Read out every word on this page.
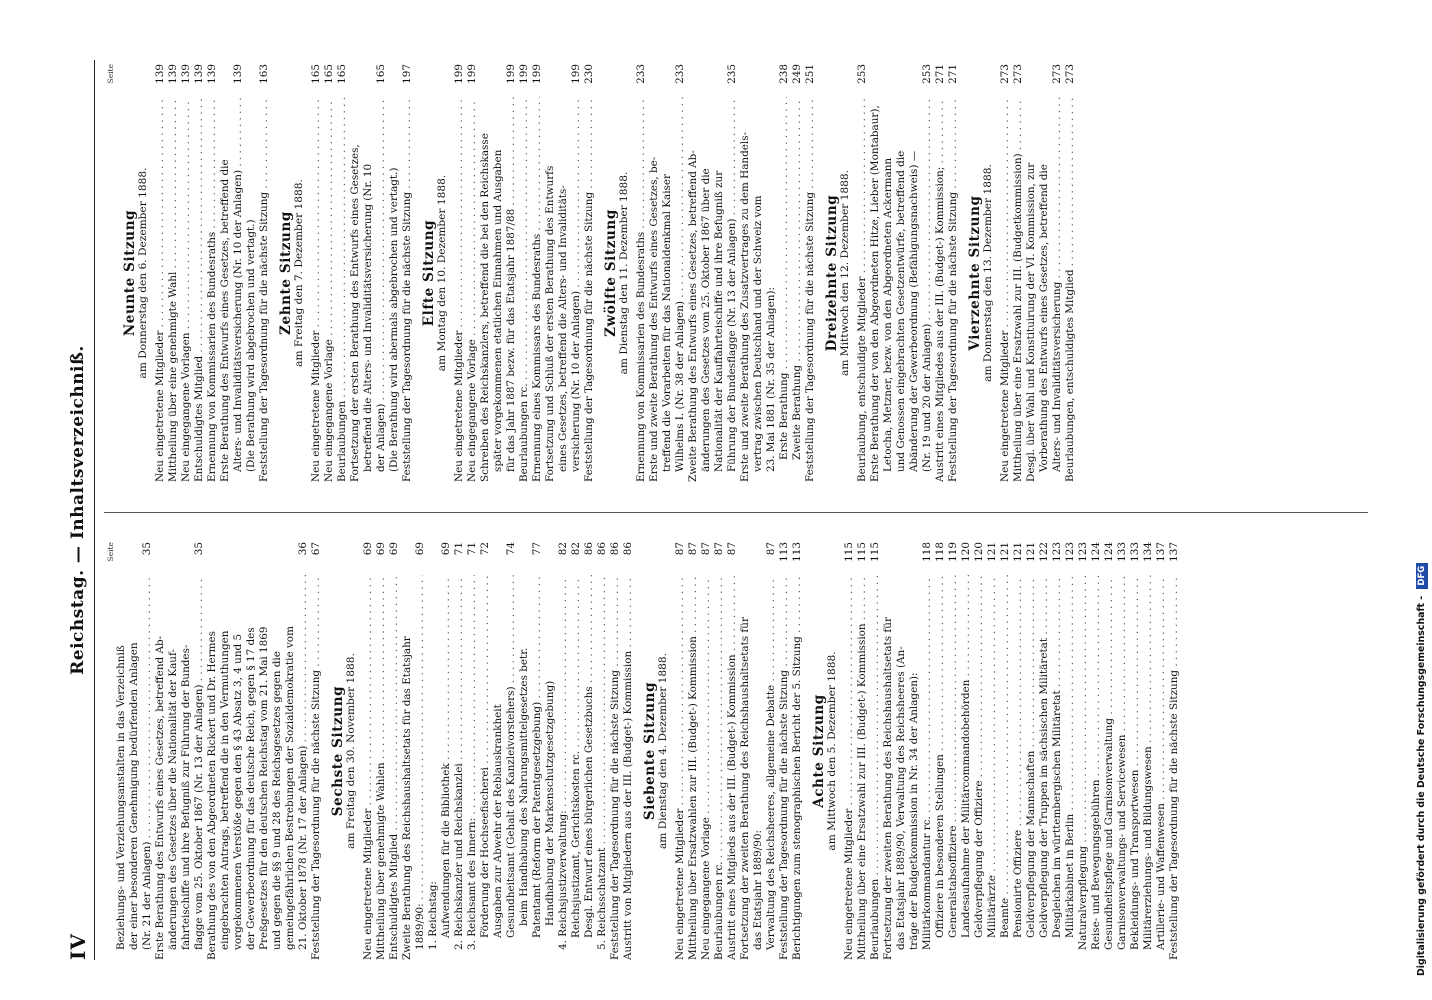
IV
Reichstag. — Inhaltsverzeichniß. Seite
Beziehungs- und Verziehungsanstalten in das Verzeichniß der einer besonderen Genehmigung bedürfenden Anlagen (Nr. 21 der Anlagen) . . .
35
Erste Berathung des Entwurfs eines Gesetzes, betreffend Ab- änderungen des Gesetzes über die Nationalität der Kauf- fahrteischiffe und ihre Befugniß zur Führung der Bundes- flagge vom 25. Oktober 1867 (Nr. 13 der Anlagen) . . .
35
Berathung des von den Abgeordneten Rickert und Dr. Hermes eingebrachten Antrags, betreffend die in den Vermuthungen vorgekommenen Verstöße gegen den § 43 Absatz 3, 4 und 5 der Gewerbeordnung für das deutsche Reich, gegen § 17 des Preßgesetzes für den deutschen Reichstag vom 21. Mai 1869 und gegen die §§ 9 und 28 des Reichsgesetzes gegen die gemeingefährlichen Bestrebungen der Sozialdemokratie vom 21. Oktober 1878 (Nr. 17 der Anlagen) . . .
36
Feststellung der Tagesordnung für die nächste Sitzung . . .
67
Sechste Sitzung am Freitag den 30. November 1888.
Neu eingetretene Mitglieder . . .
69
Mittheilung über genehmigte Wahlen . . .
69
Entschuldigtes Mitglied . . .
69
Zweite Berathung des Reichshaushaltsetats für das Etatsjahr 1889/90: . . .
69
1. Reichstag: Aufwendungen für die Bibliothek . . .
69
2. Reichskanzler und Reichskanzlei . . .
71
3. Reichsamt des Innern: . . .
71
Förderung der Hochseefischerei . . .
72
Ausgaben zur Abwehr der Reblauskrankheit Gesundheitsamt (Gehalt des Kanzleivorstehers) . . .
74
beim Handhabung des Nahrungsmittelgesetzes betr. Patentamt (Reform der Patentgesetzgebung) . . .
77
Handhabung der Markenschutzgesetzgebung) 4. Reichsjustizverwaltung: . . .
82
Reichsjustizamt, Gerichtskosten rc. . . .
82
Desgl. Entwurf eines bürgerlichen Gesetzbuchs . . .
86
5. Reichsschatzamt . . .
86
Feststellung der Tagesordnung für die nächste Sitzung . . .
86
Austritt von Mitgliedern aus der III. (Budget-) Kommission . . .
86
Siebente Sitzung am Dienstag den 4. Dezember 1888.
Neu eingetretene Mitglieder . . .
87
Mittheilung über Ersatzwahlen zur III. (Budget-) Kommission . . .
87
Neu eingegangene Vorlage . . .
87
Beurlaubungen rc. . . .
87
Austritt eines Mitglieds aus der III. (Budget-) Kommission . . .
87
Fortsetzung der zweiten Berathung des Reichshaushaltsetats für das Etatsjahr 1889/90: Verwaltung des Reichsheeres, allgemeine Debatte . . .
87
Feststellung der Tagesordnung für die nächste Sitzung . . .
113
Berichtigungen zum stenographischen Bericht der 5. Sitzung . . .
113
Achte Sitzung am Mittwoch den 5. Dezember 1888.
Neu eingetretene Mitglieder . . .
115
Mittheilung über eine Ersatzwahl zur III. (Budget-) Kommission . . .
115
Beurlaubungen . . .
115
Fortsetzung der zweiten Berathung des Reichshaushaltsetats für das Etatsjahr 1889/90, Verwaltung des Reichsheeres (An- träge der Budgetkommission in Nr. 34 der Anlagen): Militärkommandantur rc. . . .
118
Offiziere in besonderen Stellungen . . .
118
Generalstabsoffiziere . . .
119
Landesaufnahme der Militärcommandobehörden . . .
120
Geldverpflegung der Offiziere . . .
120
Militärärzte . . .
121
Beamte . . .
121
Pensionirte Offiziere . . .
121
Geldverpflegung der Mannschaften . . .
121
Geldverpflegung der Truppen im sächsischen Militäretat . . .
122
Desgleichen im württembergischen Militäretat . . .
123
Militärkabinet in Berlin . . .
123
Naturalverpflegung . . .
123
Reise- und Bewegungsgebühren . . .
124
Gesundheitspflege und Garnisonverwaltung . . .
124
Garnisonverwaltungs- und Servicewesen . . .
133
Bekleidungs- und Transportwesen . . .
133
Militärerziehungs- und Bildungswesen . . .
134
Artillerie- und Waffenwesen . . .
137
Feststellung der Tagesordnung für die nächste Sitzung . . .
137
Seite
Neunte Sitzung am Donnerstag den 6. Dezember 1888.
Neu eingetretene Mitglieder . . .
139
Mittheilung über eine genehmigte Wahl . . .
139
Neu eingegangene Vorlagen . . .
139
Entschuldigtes Mitglied . . .
139
Ernennung von Kommissarien des Bundesraths . . .
139
Erste Berathung des Entwurfs eines Gesetzes, betreffend die Alters- und Invaliditätsversicherung (Nr. 10 der Anlagen) . . .
139
(Die Berathung wird abgebrochen und vertagt.) Feststellung der Tagesordnung für die nächste Sitzung . . .
163
Zehnte Sitzung am Freitag den 7. Dezember 1888.
Neu eingetretene Mitglieder . . .
165
Neu eingegangene Vorlage . . .
165
Beurlaubungen . . .
165
Fortsetzung der ersten Berathung des Entwurfs eines Gesetzes, betreffend die Alters- und Invaliditätsversicherung (Nr. 10 der Anlagen) . . .
165
(Die Berathung wird abermals abgebrochen und vertagt.) Feststellung der Tagesordnung für die nächste Sitzung . . .
197
Elfte Sitzung am Montag den 10. Dezember 1888.
Neu eingetretene Mitglieder . . .
199
Neu eingegangene Vorlage . . .
199
Schreiben des Reichskanzlers, betreffend die bei den Reichskasse später vorgekommenen etatlichen Einnahmen und Ausgaben für das Jahr 1887 bezw. für das Etatsjahr 1887/88 . . .
199
Beurlaubungen rc. . . .
199
Ernennung eines Kommissars des Bundesraths . . .
199
Fortsetzung und Schluß der ersten Berathung des Entwurfs eines Gesetzes, betreffend die Alters- und Invaliditäts- versicherung (Nr. 10 der Anlagen) . . .
199
Feststellung der Tagesordnung für die nächste Sitzung . . .
230
Zwölfte Sitzung am Dienstag den 11. Dezember 1888. Ernennung von Kommissarien des Bundesraths . . .
233
Erste und zweite Berathung des Entwurfs eines Gesetzes, be- treffend die Vorarbeiten für das Nationaldenkmal Kaiser Wilhelms I. (Nr. 38 der Anlagen) . . .
233
Zweite Berathung des Entwurfs eines Gesetzes, betreffend Ab- änderungen des Gesetzes vom 25. Oktober 1867 über die Nationalität der Kauffahrteischiffe und ihre Befugniß zur Führung der Bundesflagge (Nr. 13 der Anlagen) . . .
235
Erste und zweite Berathung des Zusatzvertrages zu dem Handels- vertrag zwischen Deutschland und der Schweiz vom 23. Mai 1881 (Nr. 35 der Anlagen): Erste Berathung . . .
238
Zweite Berathung . . .
249
Feststellung der Tagesordnung für die nächste Sitzung . . .
251
Dreizehnte Sitzung am Mittwoch den 12. Dezember 1888.
Beurlaubung, entschuldigte Mitglieder . . .
253
Erste Berathung der von den Abgeordneten Hitze, Lieber (Montabaur), Letocha, Metzner, bezw. von den Abgeordneten Ackermann und Genossen eingebrachten Gesetzentwürfe, betreffend die Abänderung der Gewerbeordnung (Befähigungsnachweis) — (Nr. 19 und 20 der Anlagen) . . .
253
Austritt eines Mitgliedes aus der III. (Budget-) Kommission; . . .
271
Feststellung der Tagesordnung für die nächste Sitzung . . .
271
Vierzehnte Sitzung am Donnerstag den 13. Dezember 1888.
Neu eingetretene Mitglieder . . .
273
Mittheilung über eine Ersatzwahl zur III. (Budgetkommission) . . .
273
Desgl. über Wahl und Konstituirung der VI. Kommission, zur Vorberathung des Entwurfs eines Gesetzes, betreffend die Alters- und Invaliditätsversicherung . . .
273
Beurlaubungen, entschuldigtes Mitglied . . .
273
Digitalisierung gefördert durch die Deutsche Forschungsgemeinschaft - DFG
